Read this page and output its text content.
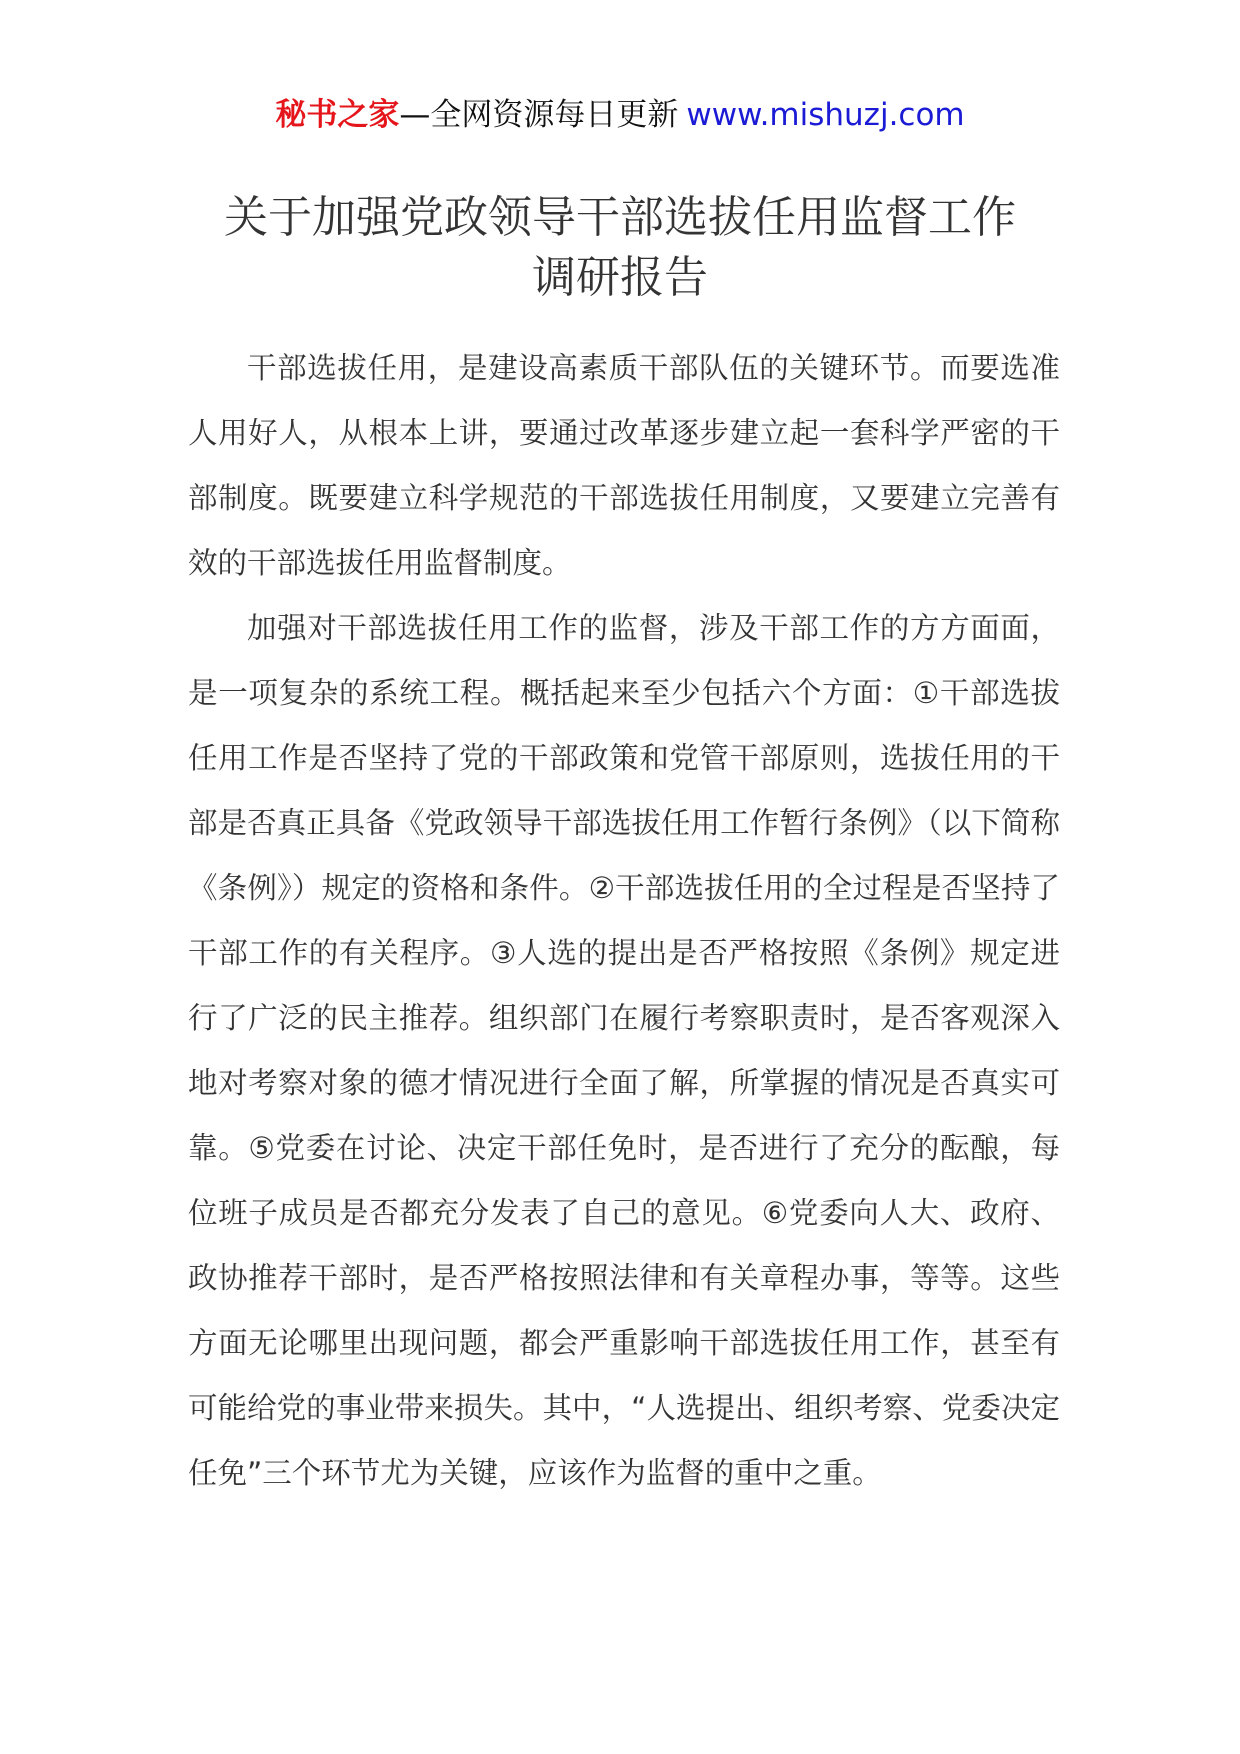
秘书之家—全网资源每日更新 www.mishuzj.com
关于加强党政领导干部选拔任用监督工作
调研报告

干部选拔任用，是建设高素质干部队伍的关键环节。而要选准人用好人，从根本上讲，要通过改革逐步建立起一套科学严密的干部制度。既要建立科学规范的干部选拔任用制度，又要建立完善有效的干部选拔任用监督制度。

加强对干部选拔任用工作的监督，涉及干部工作的方方面面，是一项复杂的系统工程。概括起来至少包括六个方面：①干部选拔任用工作是否坚持了党的干部政策和党管干部原则，选拔任用的干部是否真正具备《党政领导干部选拔任用工作暂行条例》（以下简称《条例》）规定的资格和条件。②干部选拔任用的全过程是否坚持了干部工作的有关程序。③人选的提出是否严格按照《条例》规定进行了广泛的民主推荐。组织部门在履行考察职责时，是否客观深入地对考察对象的德才情况进行全面了解，所掌握的情况是否真实可靠。⑤党委在讨论、决定干部任免时，是否进行了充分的酝酿，每位班子成员是否都充分发表了自己的意见。⑥党委向人大、政府、政协推荐干部时，是否严格按照法律和有关章程办事，等等。这些方面无论哪里出现问题，都会严重影响干部选拔任用工作，甚至有可能给党的事业带来损失。其中，“人选提出、组织考察、党委决定任免”三个环节尤为关键，应该作为监督的重中之重。
